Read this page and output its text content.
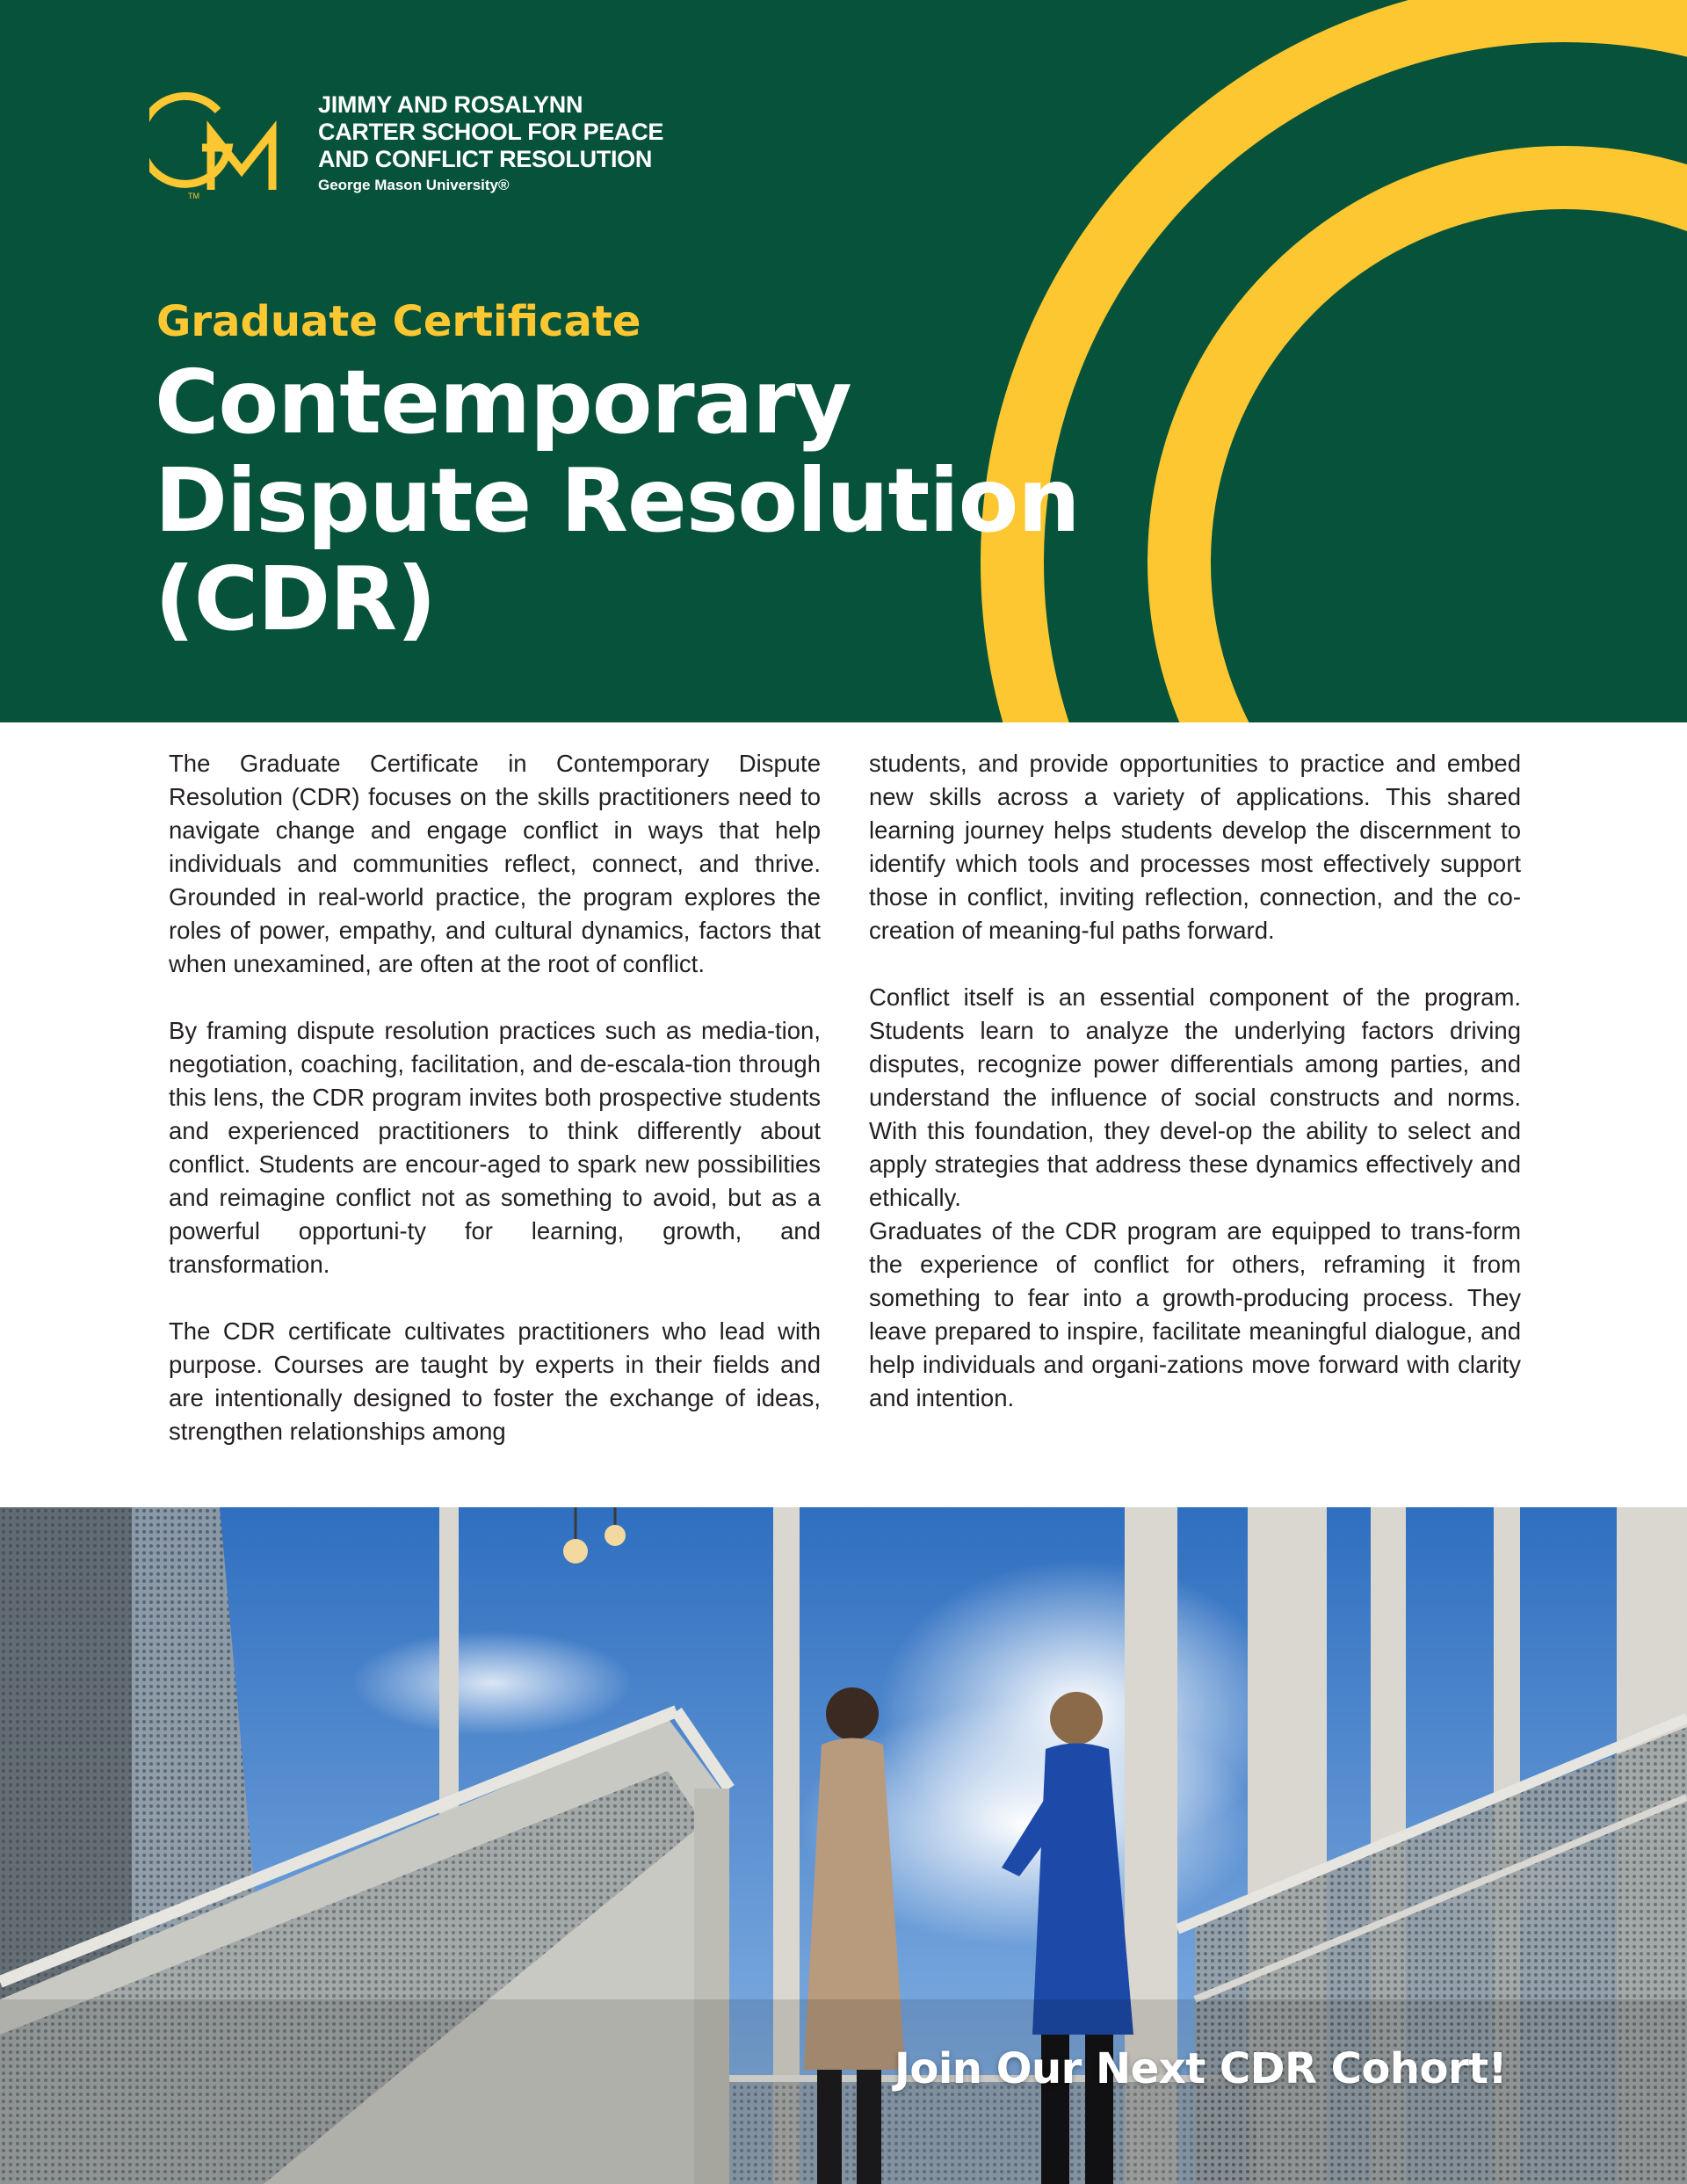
TM
JIMMY AND ROSALYNN
CARTER SCHOOL FOR PEACE
AND CONFLICT RESOLUTION
George Mason University®
Graduate Certificate
Contemporary
Dispute Resolution
(CDR)

The Graduate Certificate in Contemporary Dispute Resolution (CDR) focuses on the skills practitioners need to navigate change and engage conflict in ways that help individuals and communities reflect, connect, and thrive. Grounded in real-world practice, the program explores the roles of power, empathy, and cultural dynamics, factors that when unexamined, are often at the root of conflict.

By framing dispute resolution practices such as media-tion, negotiation, coaching, facilitation, and de-escala-tion through this lens, the CDR program invites both prospective students and experienced practitioners to think differently about conflict. Students are encour-aged to spark new possibilities and reimagine conflict not as something to avoid, but as a powerful opportuni-ty for learning, growth, and transformation.

The CDR certificate cultivates practitioners who lead with purpose. Courses are taught by experts in their fields and are intentionally designed to foster the exchange of ideas, strengthen relationships among

students, and provide opportunities to practice and embed new skills across a variety of applications. This shared learning journey helps students develop the discernment to identify which tools and processes most effectively support those in conflict, inviting reflection, connection, and the co-creation of meaning-ful paths forward.

Conflict itself is an essential component of the program. Students learn to analyze the underlying factors driving disputes, recognize power differentials among parties, and understand the influence of social constructs and norms. With this foundation, they devel-op the ability to select and apply strategies that address these dynamics effectively and ethically.

Graduates of the CDR program are equipped to trans-form the experience of conflict for others, reframing it from something to fear into a growth-producing process. They leave prepared to inspire, facilitate meaningful dialogue, and help individuals and organi-zations move forward with clarity and intention.

Join Our Next CDR Cohort!
